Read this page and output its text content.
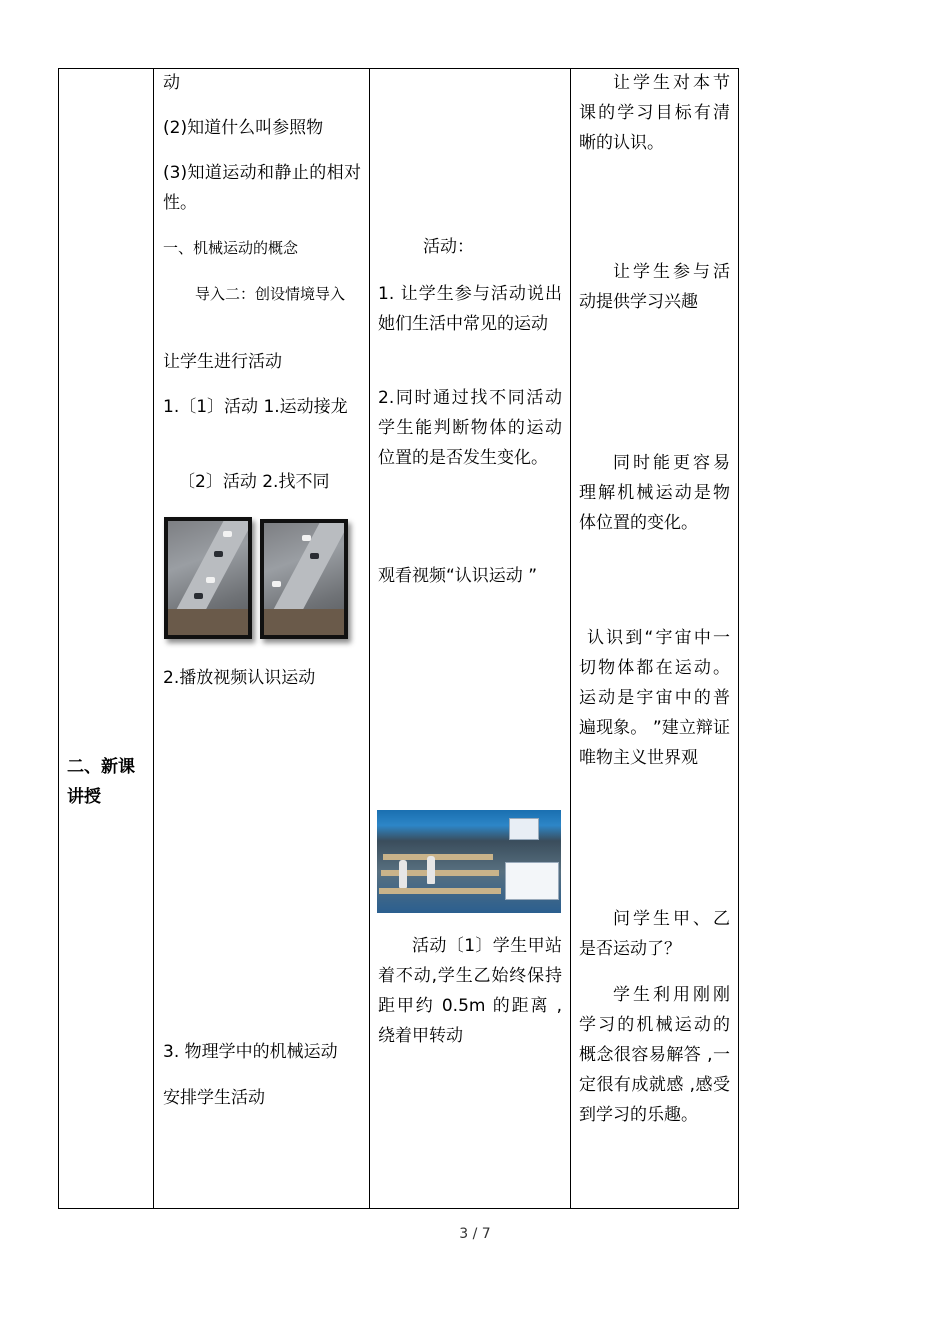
二、新课讲授

动

(2)知道什么叫参照物

(3)知道运动和静止的相对性。

一、机械运动的概念

导入二：创设情境导入

让学生进行活动

1.〔1〕活动 1.运动接龙

〔2〕活动 2.找不同

2.播放视频认识运动

3. 物理学中的机械运动

安排学生活动

活动：

1. 让学生参与活动说出她们生活中常见的运动

2.同时通过找不同活动学生能判断物体的运动位置的是否发生变化。

观看视频“认识运动 ”

活动〔1〕学生甲站着不动,学生乙始终保持距甲约 0.5m 的距离 ,绕着甲转动

让学生对本节课的学习目标有清晰的认识。

让学生参与活动提供学习兴趣

同时能更容易理解机械运动是物体位置的变化。

认识到“宇宙中一切物体都在运动。运动是宇宙中的普遍现象。 ”建立辩证唯物主义世界观

问学生甲、乙是否运动了？

学生利用刚刚学习的机械运动的概念很容易解答 ,一定很有成就感 ,感受到学习的乐趣。

3 / 7
